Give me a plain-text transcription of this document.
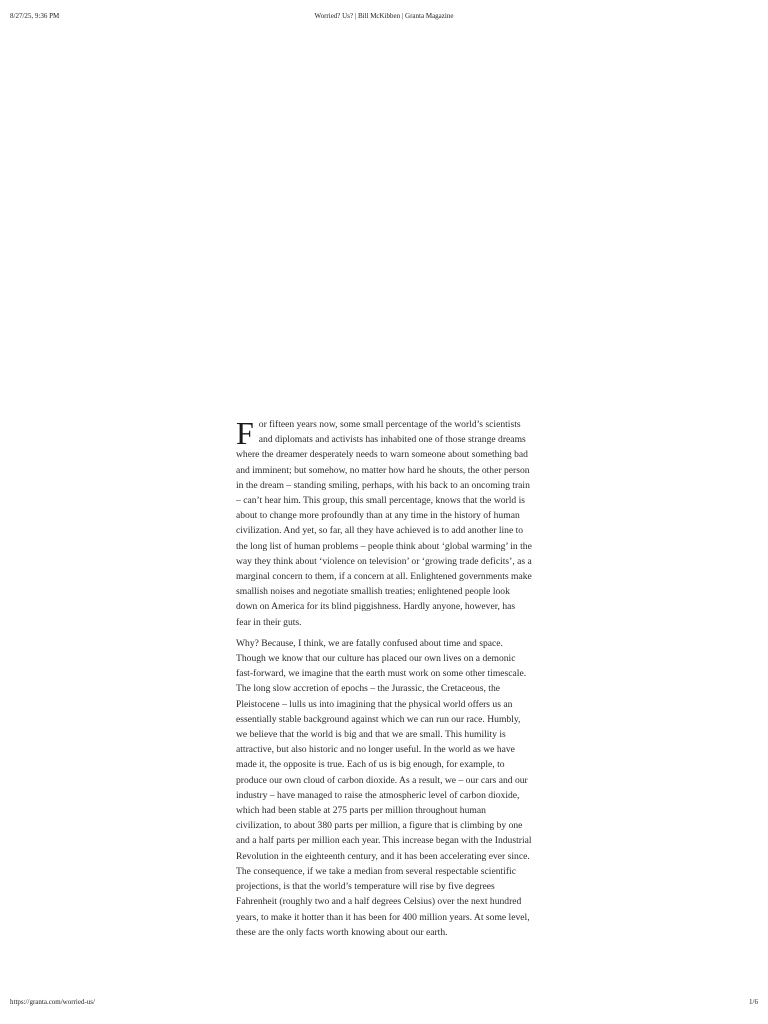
8/27/25, 9:36 PM	Worried? Us? | Bill McKibben | Granta Magazine

For fifteen years now, some small percentage of the world’s scientists and diplomats and activists has inhabited one of those strange dreams where the dreamer desperately needs to warn someone about something bad and imminent; but somehow, no matter how hard he shouts, the other person in the dream – standing smiling, perhaps, with his back to an oncoming train – can’t hear him. This group, this small percentage, knows that the world is about to change more profoundly than at any time in the history of human civilization. And yet, so far, all they have achieved is to add another line to the long list of human problems – people think about ‘global warming’ in the way they think about ‘violence on television’ or ‘growing trade deficits’, as a marginal concern to them, if a concern at all. Enlightened governments make smallish noises and negotiate smallish treaties; enlightened people look down on America for its blind piggishness. Hardly anyone, however, has fear in their guts.

Why? Because, I think, we are fatally confused about time and space. Though we know that our culture has placed our own lives on a demonic fast-forward, we imagine that the earth must work on some other timescale. The long slow accretion of epochs – the Jurassic, the Cretaceous, the Pleistocene – lulls us into imagining that the physical world offers us an essentially stable background against which we can run our race. Humbly, we believe that the world is big and that we are small. This humility is attractive, but also historic and no longer useful. In the world as we have made it, the opposite is true. Each of us is big enough, for example, to produce our own cloud of carbon dioxide. As a result, we – our cars and our industry – have managed to raise the atmospheric level of carbon dioxide, which had been stable at 275 parts per million throughout human civilization, to about 380 parts per million, a figure that is climbing by one and a half parts per million each year. This increase began with the Industrial Revolution in the eighteenth century, and it has been accelerating ever since. The consequence, if we take a median from several respectable scientific projections, is that the world’s temperature will rise by five degrees Fahrenheit (roughly two and a half degrees Celsius) over the next hundred years, to make it hotter than it has been for 400 million years. At some level, these are the only facts worth knowing about our earth.

https://granta.com/worried-us/	1/6
